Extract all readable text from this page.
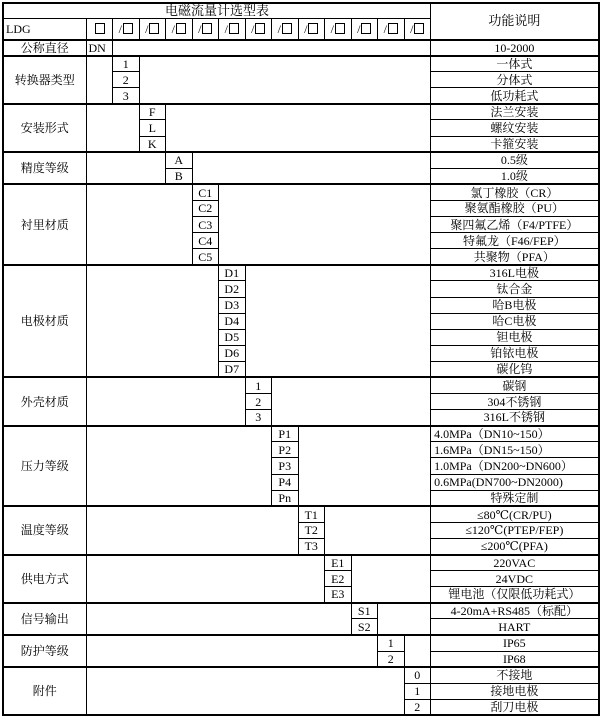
电磁流量计选型表														功能说明
LDG		/	/	/	/	/	/	/	/	/	/	/	/	
公称直径	DN													10-2000
转换器类型		1												一体式
		2												分体式
		3												低功耗式
安装形式			F											法兰安装
			L											螺纹安装
			K											卡箍安装
精度等级				A										0.5级
				B										1.0级
衬里材质					C1									氯丁橡胶（CR）
					C2									聚氨酯橡胶（PU）
					C3									聚四氟乙烯（F4/PTFE）
					C4									特氟龙（F46/FEP）
					C5									共聚物（PFA）
电极材质						D1								316L电极
						D2								钛合金
						D3								哈B电极
						D4								哈C电极
						D5								钽电极
						D6								铂铱电极
						D7								碳化钨
外壳材质							1							碳钢
							2							304不锈钢
							3							316L不锈钢
压力等级								P1						4.0MPa（DN10~150）
								P2						1.6MPa（DN15~150）
								P3						1.0MPa（DN200~DN600）
								P4						0.6MPa(DN700~DN2000)
								Pn						特殊定制
温度等级									T1					≤80℃(CR/PU)
									T2					≤120℃(PTEP/FEP)
									T3					≤200℃(PFA)
供电方式										E1				220VAC
										E2				24VDC
										E3				锂电池（仅限低功耗式）
信号输出											S1			4-20mA+RS485（标配）
											S2			HART
防护等级												1		IP65
												2		IP68
附件													0	不接地
													1	接地电极
													2	刮刀电极
